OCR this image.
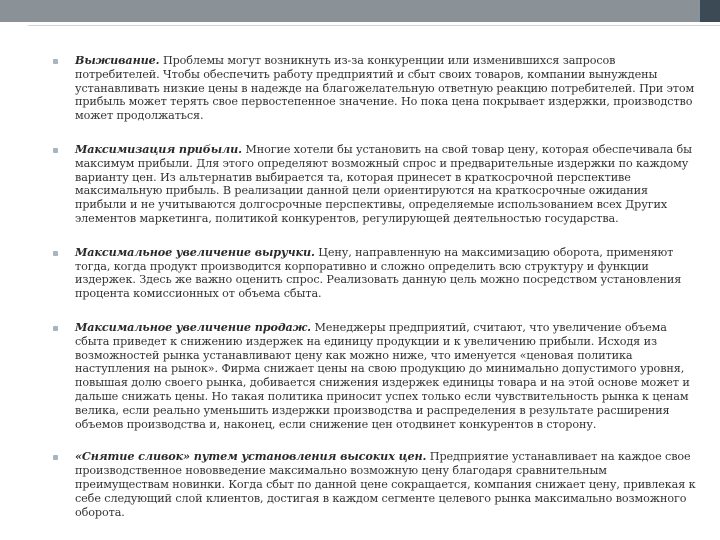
Выживание. Проблемы могут возникнуть из-за конкуренции или изменившихся запросов потребителей. Чтобы обеспечить работу предприятий и сбыт своих товаров, компании вынуждены устанавливать низкие цены в надежде на благожелательную ответную реакцию потребителей. При этом прибыль может терять свое первостепенное значение. Но пока цена покрывает издержки, производство может продолжаться.
Максимизация прибыли. Многие хотели бы установить на свой товар цену, которая обеспечивала бы максимум прибыли. Для этого определяют возможный спрос и предварительные издержки по каждому варианту цен. Из альтернатив выбирается та, которая принесет в краткосрочной перспективе максимальную прибыль. В реализации данной цели ориентируются на краткосрочные ожидания прибыли и не учитываются долгосрочные перспективы, определяемые использованием всех Других элементов маркетинга, политикой конкурентов, регулирующей деятельностью государства.
Максимальное увеличение выручки. Цену, направленную на максимизацию оборота, применяют тогда, когда продукт производится корпоративно и сложно определить всю структуру и функции издержек. Здесь же важно оценить спрос. Реализовать данную цель можно посредством установления процента комиссионных от объема сбыта.
Максимальное увеличение продаж. Менеджеры предприятий, считают, что увеличение объема сбыта приведет к снижению издержек на единицу продукции и к увеличению прибыли. Исходя из возможностей рынка устанавливают цену как можно ниже, что именуется «ценовая политика наступления на рынок». Фирма снижает цены на свою продукцию до минимально допустимого уровня, повышая долю своего рынка, добивается снижения издержек единицы товара и на этой основе может и дальше снижать цены. Но такая политика приносит успех только если чувствительность рынка к ценам велика, если реально уменьшить издержки производства и распределения в результате расширения объемов производства и, наконец, если снижение цен отодвинет конкурентов в сторону.
«Снятие сливок» путем установления высоких цен. Предприятие устанавливает на каждое свое производственное нововведение максимально возможную цену благодаря сравнительным преимуществам новинки. Когда сбыт по данной цене сокращается, компания снижает цену, привлекая к себе следующий слой клиентов, достигая в каждом сегменте целевого рынка максимально возможного оборота.
